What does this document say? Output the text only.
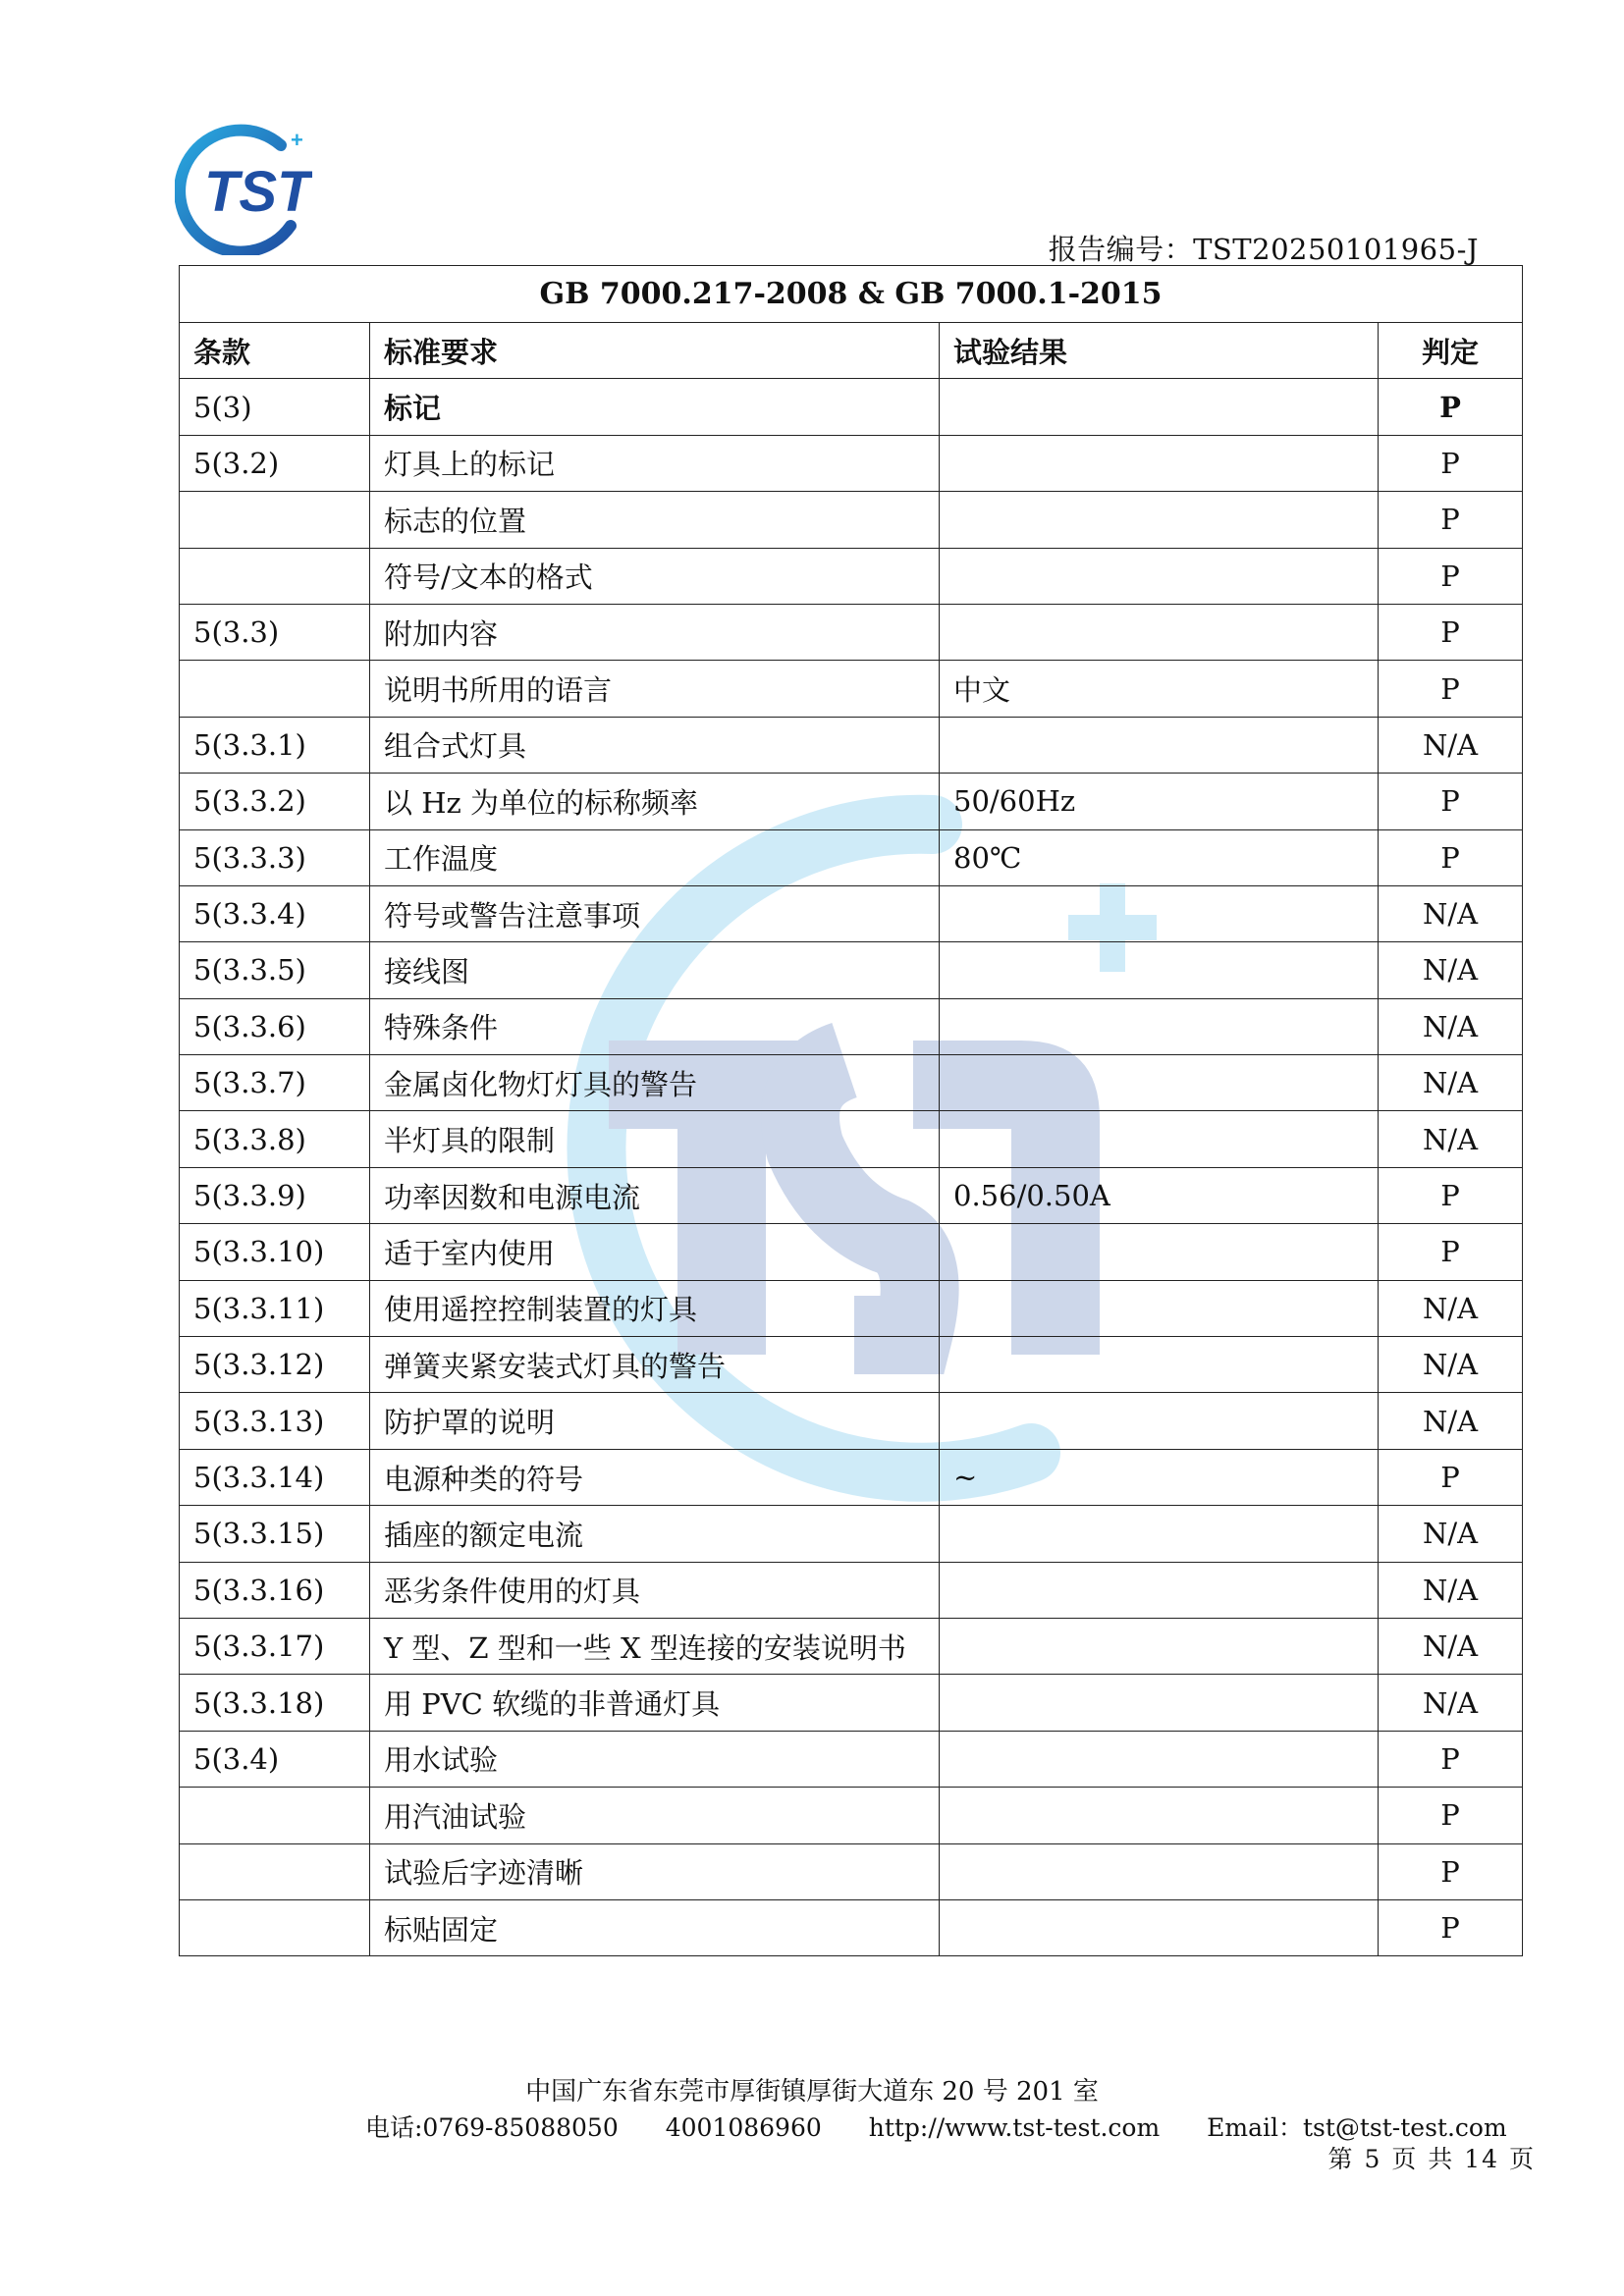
+
TST
报告编号：TST20250101965-J
GB 7000.217-2008 & GB 7000.1-2015			
条款	标准要求	试验结果	判定
5(3)	标记		P
5(3.2)	灯具上的标记		P
	标志的位置		P
	符号/文本的格式		P
5(3.3)	附加内容		P
	说明书所用的语言	中文	P
5(3.3.1)	组合式灯具		N/A
5(3.3.2)	以 Hz 为单位的标称频率	50/60Hz	P
5(3.3.3)	工作温度	80℃	P
5(3.3.4)	符号或警告注意事项		N/A
5(3.3.5)	接线图		N/A
5(3.3.6)	特殊条件		N/A
5(3.3.7)	金属卤化物灯灯具的警告		N/A
5(3.3.8)	半灯具的限制		N/A
5(3.3.9)	功率因数和电源电流	0.56/0.50A	P
5(3.3.10)	适于室内使用		P
5(3.3.11)	使用遥控控制装置的灯具		N/A
5(3.3.12)	弹簧夹紧安装式灯具的警告		N/A
5(3.3.13)	防护罩的说明		N/A
5(3.3.14)	电源种类的符号	~	P
5(3.3.15)	插座的额定电流		N/A
5(3.3.16)	恶劣条件使用的灯具		N/A
5(3.3.17)	Y 型、Z 型和一些 X 型连接的安装说明书		N/A
5(3.3.18)	用 PVC 软缆的非普通灯具		N/A
5(3.4)	用水试验		P
	用汽油试验		P
	试验后字迹清晰		P
	标贴固定		P
中国广东省东莞市厚街镇厚街大道东 20 号 201 室
电话:0769-85088050 4001086960 http://www.tst-test.com Email：tst@tst-test.com
第 5 页 共 14 页
